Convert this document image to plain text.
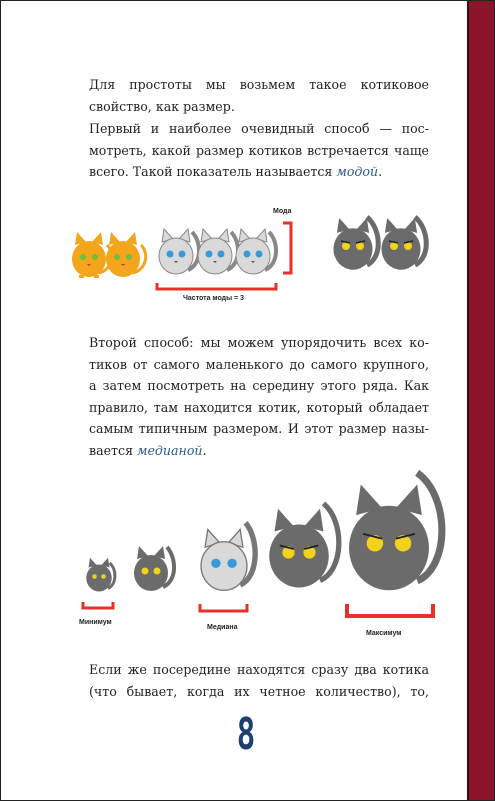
Для простоты мы возьмем такое котиковое
свойство, как размер.

Первый и наиболее очевидный способ — пос-
мотреть, какой размер котиков встречается чаще
всего. Такой показатель называется модой.

Мода
Частота моды = 3

Второй способ: мы можем упорядочить всех ко-
тиков от самого маленького до самого крупного,
а затем посмотреть на середину этого ряда. Как
правило, там находится котик, который обладает
самым типичным размером. И этот размер назы-
вается медианой.

Минимум
Медиана
Максимум

Если же посередине находятся сразу два котика
(что бывает, когда их четное количество), то,

8
